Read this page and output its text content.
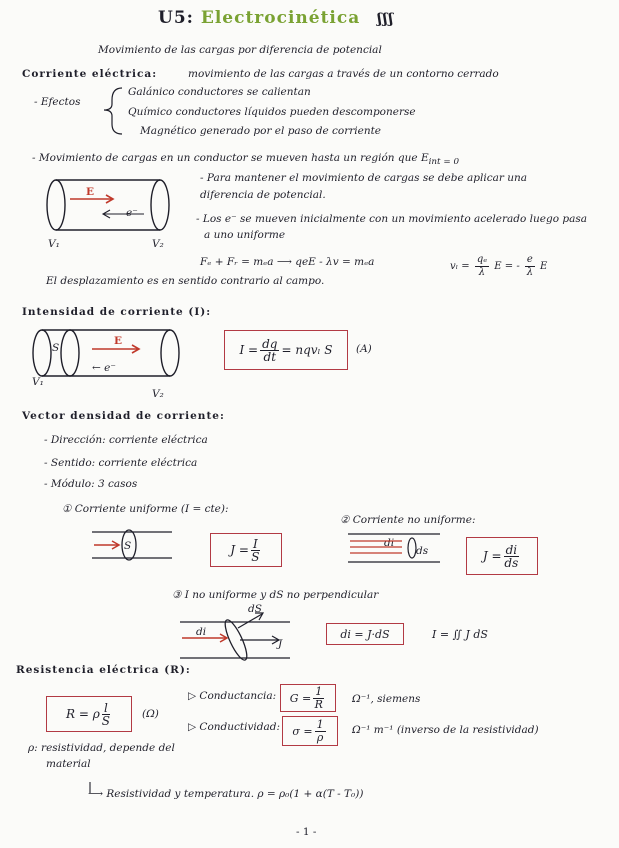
U5: Electrocinética ʃʃʃ
Movimiento de las cargas por diferencia de potencial
Corriente eléctrica:	movimiento de las cargas a través de un contorno cerrado
- Efectos
Galánico conductores se calientan
Químico conductores líquidos pueden descomponerse
Magnético generado por el paso de corriente
- Movimiento de cargas en un conductor se mueven hasta un región que $E_{int = 0}$
- Para mantener el movimiento de cargas se debe aplicar una
diferencia de potencial.
- Los e⁻ se mueven inicialmente con un movimiento acelerado luego pasa
a uno uniforme
E
e⁻
V₁	V₂
Fₑ + Fᵣ = mₑa ⟶ qeE - λv = mₑa	$v_l = \frac{\text{qₑ}}{\lambda}$ E = - $\frac{e}{\lambda}$ E
El desplazamiento es en sentido contrario al campo.
Intensidad de corriente (I):
S
E
← e⁻
V₁
V₂
$I = \frac{dq}{dt} = nqv_l$ S (A)
Vector densidad de corriente:
- Dirección: corriente eléctrica
- Sentido: corriente eléctrica
- Módulo: 3 casos
① Corriente uniforme (I = cte):
S	$J = \frac{I}{S}$
② Corriente no uniforme:
di
ds	$J = \frac{di}{ds}$
③ I no uniforme y dS no perpendicular
dS
di
J
di = J·dS	I = ∬ J dS
Resistencia eléctrica (R):
R = ρ $\frac{l}{S}$	(Ω)
▷ Conductancia: $G = \frac{1}{R}$	Ω⁻¹, siemens
▷ Conductividad: $\sigma = \frac{1}{\rho}$	Ω⁻¹ m⁻¹ (inverso de la resistividad)
ρ: resistividad, depende del
material
⟶ Resistividad y temperatura. ρ = ρ₀(1 + α(T - T₀))
- 1 -
